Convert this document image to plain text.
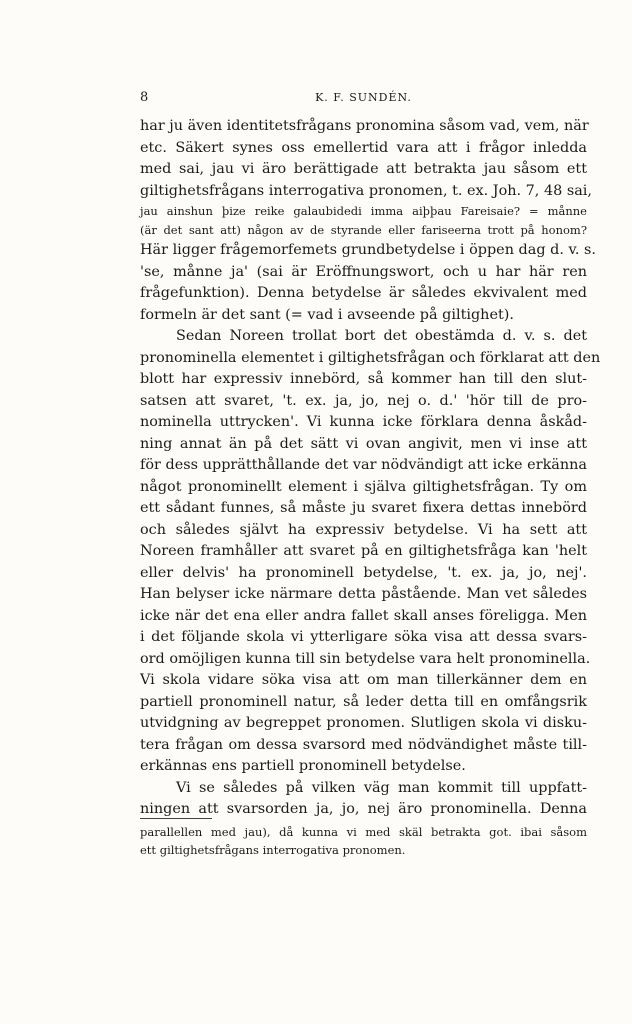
8	K. F. SUNDÉN.
har ju även identitetsfrågans pronomina såsom vad, vem, när
etc. Säkert synes oss emellertid vara att i frågor inledda
med sai, jau vi äro berättigade att betrakta jau såsom ett
giltighetsfrågans interrogativa pronomen, t. ex. Joh. 7, 48 sai,
jau ainshun þize reike galaubidedi imma aiþþau Fareisaie? = månne
(är det sant att) någon av de styrande eller fariseerna trott på honom?
Här ligger frågemorfemets grundbetydelse i öppen dag d. v. s.
'se, månne ja' (sai är Eröffnungswort, och u har här ren
frågefunktion). Denna betydelse är således ekvivalent med
formeln är det sant (= vad i avseende på giltighet).
Sedan Noreen trollat bort det obestämda d. v. s. det
pronominella elementet i giltighetsfrågan och förklarat att den
blott har expressiv innebörd, så kommer han till den slut-
satsen att svaret, 't. ex. ja, jo, nej o. d.' 'hör till de pro-
nominella uttrycken'. Vi kunna icke förklara denna åskåd-
ning annat än på det sätt vi ovan angivit, men vi inse att
för dess upprätthållande det var nödvändigt att icke erkänna
något pronominellt element i själva giltighetsfrågan. Ty om
ett sådant funnes, så måste ju svaret fixera dettas innebörd
och således självt ha expressiv betydelse. Vi ha sett att
Noreen framhåller att svaret på en giltighetsfråga kan 'helt
eller delvis' ha pronominell betydelse, 't. ex. ja, jo, nej'.
Han belyser icke närmare detta påstående. Man vet således
icke när det ena eller andra fallet skall anses föreligga. Men
i det följande skola vi ytterligare söka visa att dessa svars-
ord omöjligen kunna till sin betydelse vara helt pronominella.
Vi skola vidare söka visa att om man tillerkänner dem en
partiell pronominell natur, så leder detta till en omfångsrik
utvidgning av begreppet pronomen. Slutligen skola vi disku-
tera frågan om dessa svarsord med nödvändighet måste till-
erkännas ens partiell pronominell betydelse.
Vi se således på vilken väg man kommit till uppfatt-
ningen att svarsorden ja, jo, nej äro pronominella. Denna
parallellen med jau), då kunna vi med skäl betrakta got. ibai såsom
ett giltighetsfrågans interrogativa pronomen.
